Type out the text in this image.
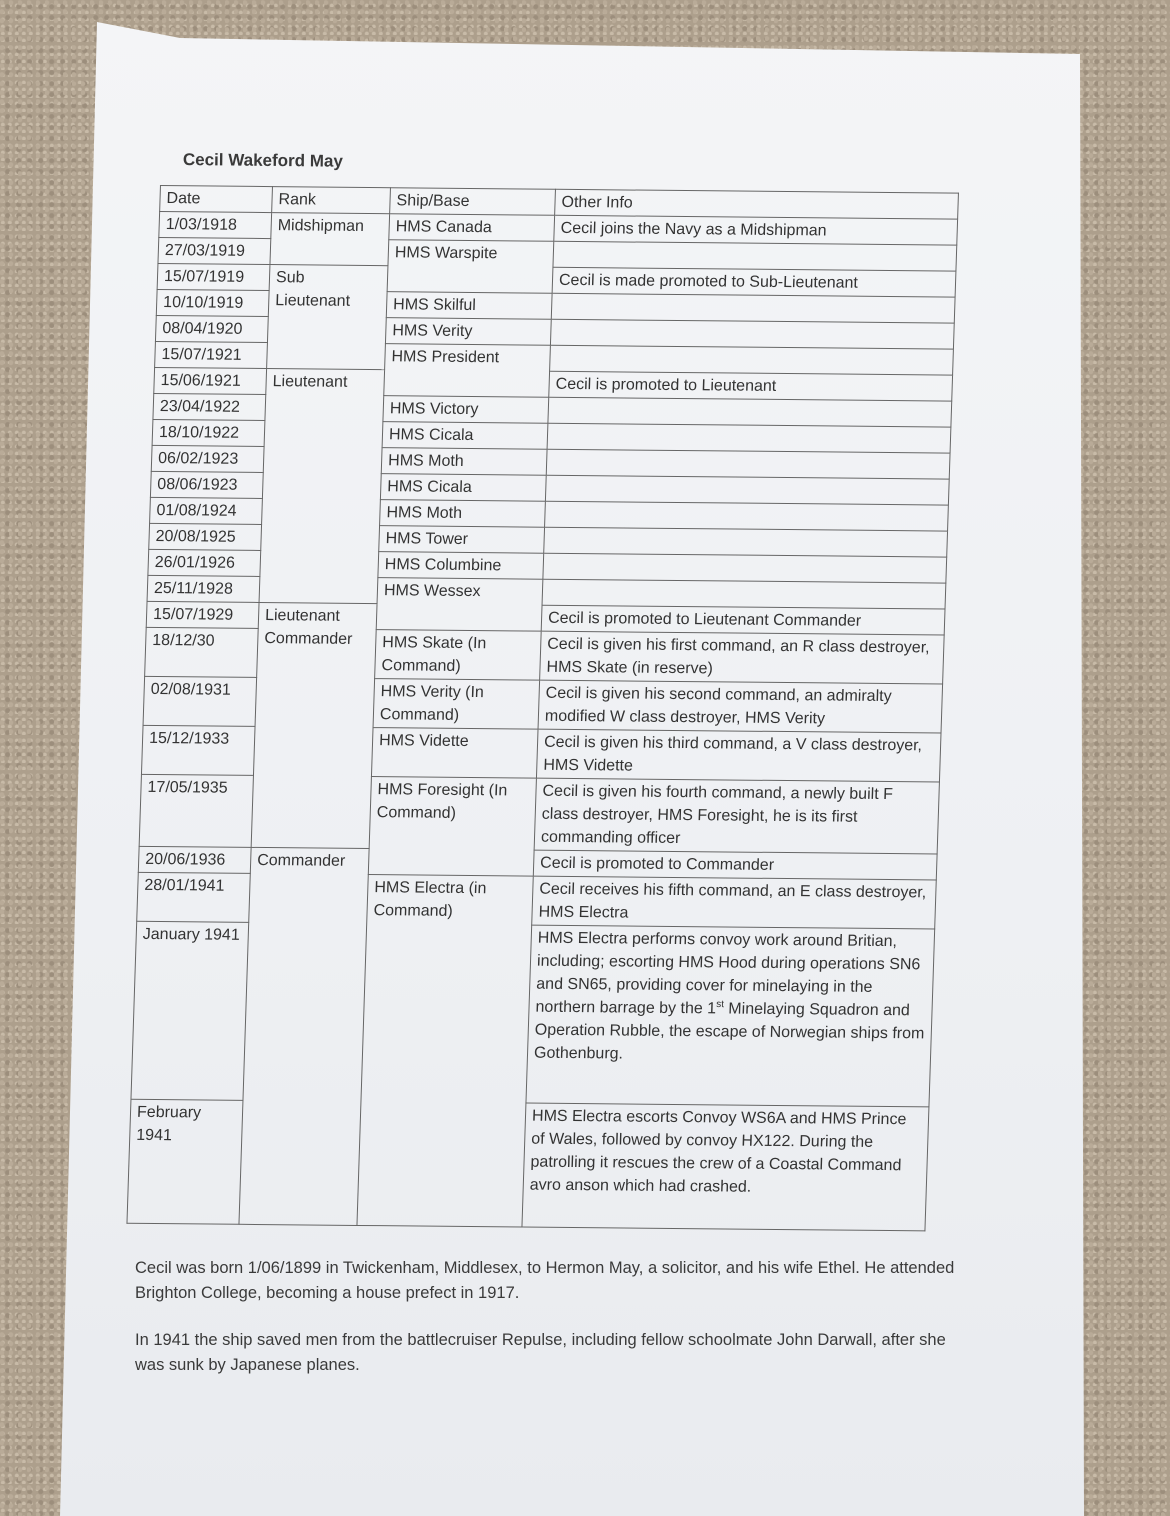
Cecil Wakeford May
Date	Rank	Ship/Base	Other Info
1/03/1918	Midshipman	HMS Canada	Cecil joins the Navy as a Midshipman
27/03/1919		HMS Warspite	
15/07/1919	Sub Lieutenant		Cecil is made promoted to Sub-Lieutenant
10/10/1919		HMS Skilful	
08/04/1920		HMS Verity	
15/07/1921		HMS President	
15/06/1921	Lieutenant		Cecil is promoted to Lieutenant
23/04/1922		HMS Victory	
18/10/1922		HMS Cicala	
06/02/1923		HMS Moth	
08/06/1923		HMS Cicala	
01/08/1924		HMS Moth	
20/08/1925		HMS Tower	
26/01/1926		HMS Columbine	
25/11/1928		HMS Wessex	
15/07/1929	Lieutenant Commander		Cecil is promoted to Lieutenant Commander
18/12/30		HMS Skate (In Command)	Cecil is given his first command, an R class destroyer, HMS Skate (in reserve)
02/08/1931		HMS Verity (In Command)	Cecil is given his second command, an admiralty modified W class destroyer, HMS Verity
15/12/1933		HMS Vidette	Cecil is given his third command, a V class destroyer, HMS Vidette
17/05/1935		HMS Foresight (In Command)	Cecil is given his fourth command, a newly built F class destroyer, HMS Foresight, he is its first commanding officer
20/06/1936	Commander		Cecil is promoted to Commander
28/01/1941		HMS Electra (in Command)	Cecil receives his fifth command, an E class destroyer, HMS Electra
January 1941			HMS Electra performs convoy work around Britian, including; escorting HMS Hood during operations SN6 and SN65, providing cover for minelaying in the northern barrage by the 1st Minelaying Squadron and Operation Rubble, the escape of Norwegian ships from Gothenburg.
February 1941			HMS Electra escorts Convoy WS6A and HMS Prince of Wales, followed by convoy HX122. During the patrolling it rescues the crew of a Coastal Command avro anson which had crashed.

Cecil was born 1/06/1899 in Twickenham, Middlesex, to Hermon May, a solicitor, and his wife Ethel. He attended Brighton College, becoming a house prefect in 1917.

In 1941 the ship saved men from the battlecruiser Repulse, including fellow schoolmate John Darwall, after she was sunk by Japanese planes.
